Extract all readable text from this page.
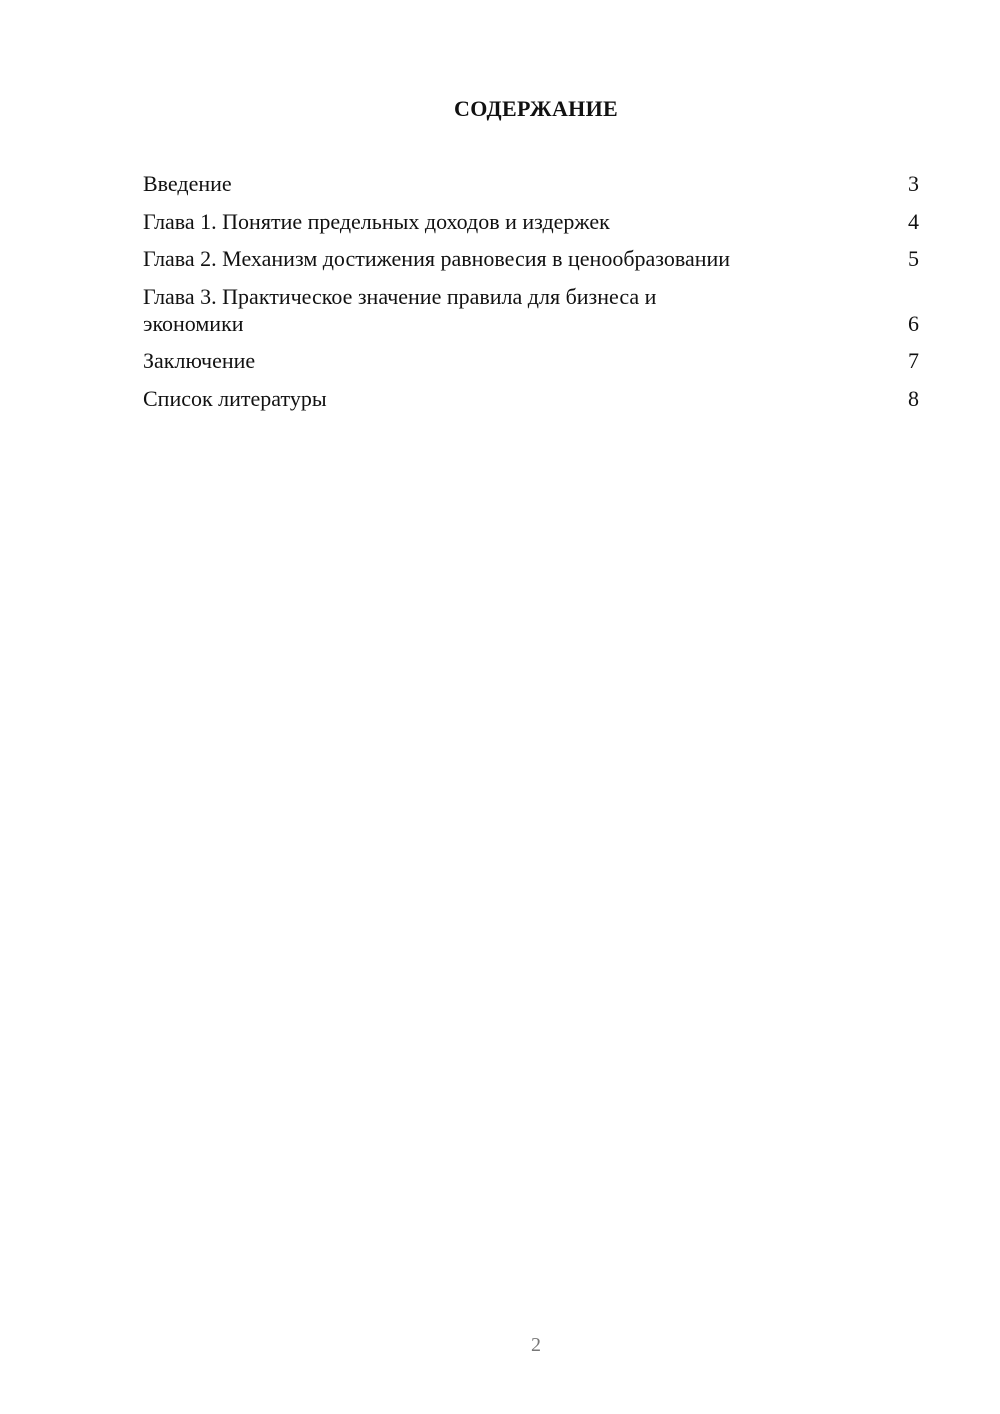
СОДЕРЖАНИЕ
Введение	3
Глава 1. Понятие предельных доходов и издержек	4
Глава 2. Механизм достижения равновесия в ценообразовании	5
Глава 3. Практическое значение правила для бизнеса и экономики	6
Заключение	7
Список литературы	8
2
